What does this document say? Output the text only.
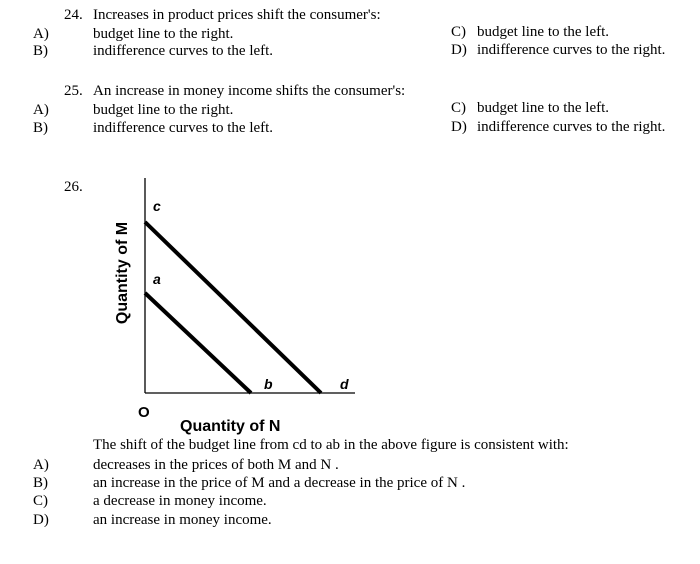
24. Increases in product prices shift the consumer's:
A)	budget line to the right.
B)	indifference curves to the left.
C) budget line to the left.
D) indifference curves to the right.
25. An increase in money income shifts the consumer's:
A)	budget line to the right.
B)	indifference curves to the left.
C) budget line to the left.
D) indifference curves to the right.
26.
Quantity of M
c
a
b	d
O
Quantity of N
The shift of the budget line from cd to ab in the above figure is consistent with:
A)	decreases in the prices of both M and N .
B)	an increase in the price of M and a decrease in the price of N .
C)	a decrease in money income.
D)	an increase in money income.
